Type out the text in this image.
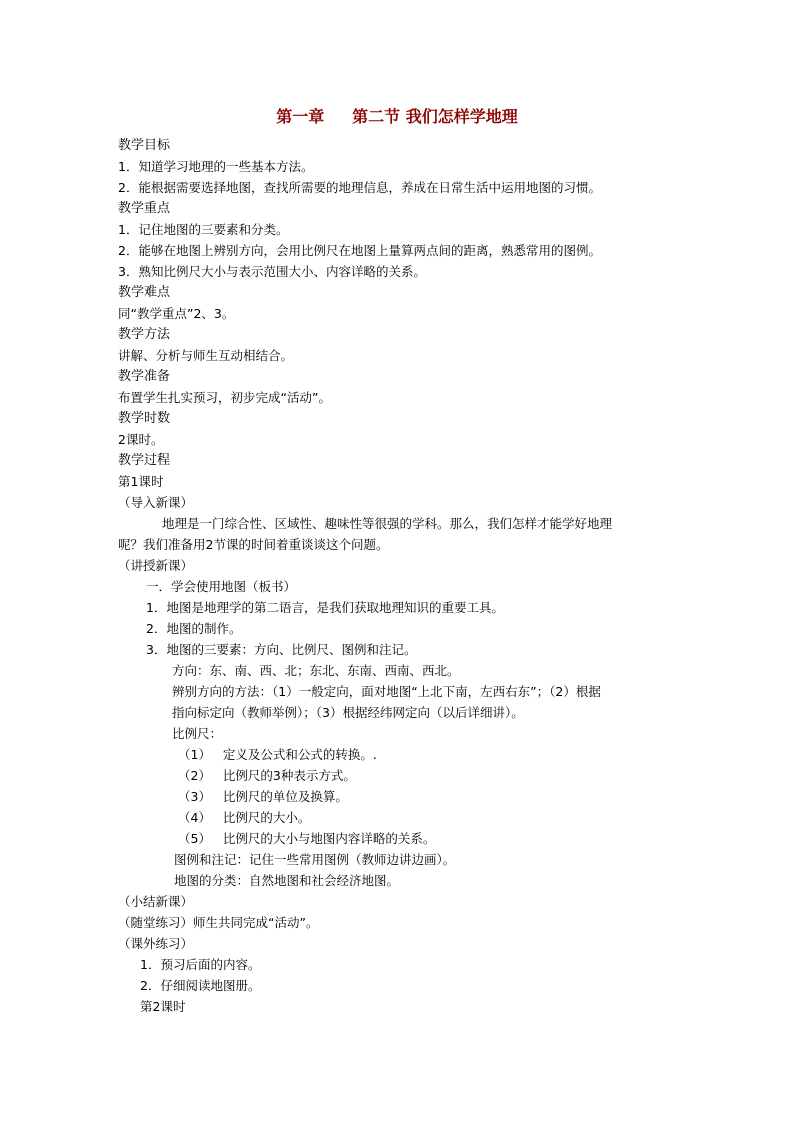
第一章     第二节 我们怎样学地理
教学目标
1．知道学习地理的一些基本方法。
2．能根据需要选择地图，查找所需要的地理信息，养成在日常生活中运用地图的习惯。
教学重点
1．记住地图的三要素和分类。
2．能够在地图上辨别方向，会用比例尺在地图上量算两点间的距离，熟悉常用的图例。
3．熟知比例尺大小与表示范围大小、内容详略的关系。
教学难点
同“教学重点”2、3。
教学方法
讲解、分析与师生互动相结合。
教学准备
布置学生扎实预习，初步完成“活动”。
教学时数
2课时。
教学过程
第1课时
（导入新课）
地理是一门综合性、区域性、趣味性等很强的学科。那么，我们怎样才能学好地理
呢？我们准备用2节课的时间着重谈谈这个问题。
（讲授新课）
一．学会使用地图（板书）
1．地图是地理学的第二语言，是我们获取地理知识的重要工具。
2．地图的制作。
3．地图的三要素：方向、比例尺、图例和注记。
方向：东、南、西、北；东北、东南、西南、西北。
辨别方向的方法：（1）一般定向，面对地图“上北下南，左西右东”；（2）根据
指向标定向（教师举例）；（3）根据经纬网定向（以后详细讲）。
比例尺：
（1）   定义及公式和公式的转换。.
（2）   比例尺的3种表示方式。
（3）   比例尺的单位及换算。
（4）   比例尺的大小。
（5）   比例尺的大小与地图内容详略的关系。
图例和注记：记住一些常用图例（教师边讲边画）。
地图的分类：自然地图和社会经济地图。
（小结新课）
（随堂练习）师生共同完成“活动”。
（课外练习）
1．预习后面的内容。
2．仔细阅读地图册。
第2课时
